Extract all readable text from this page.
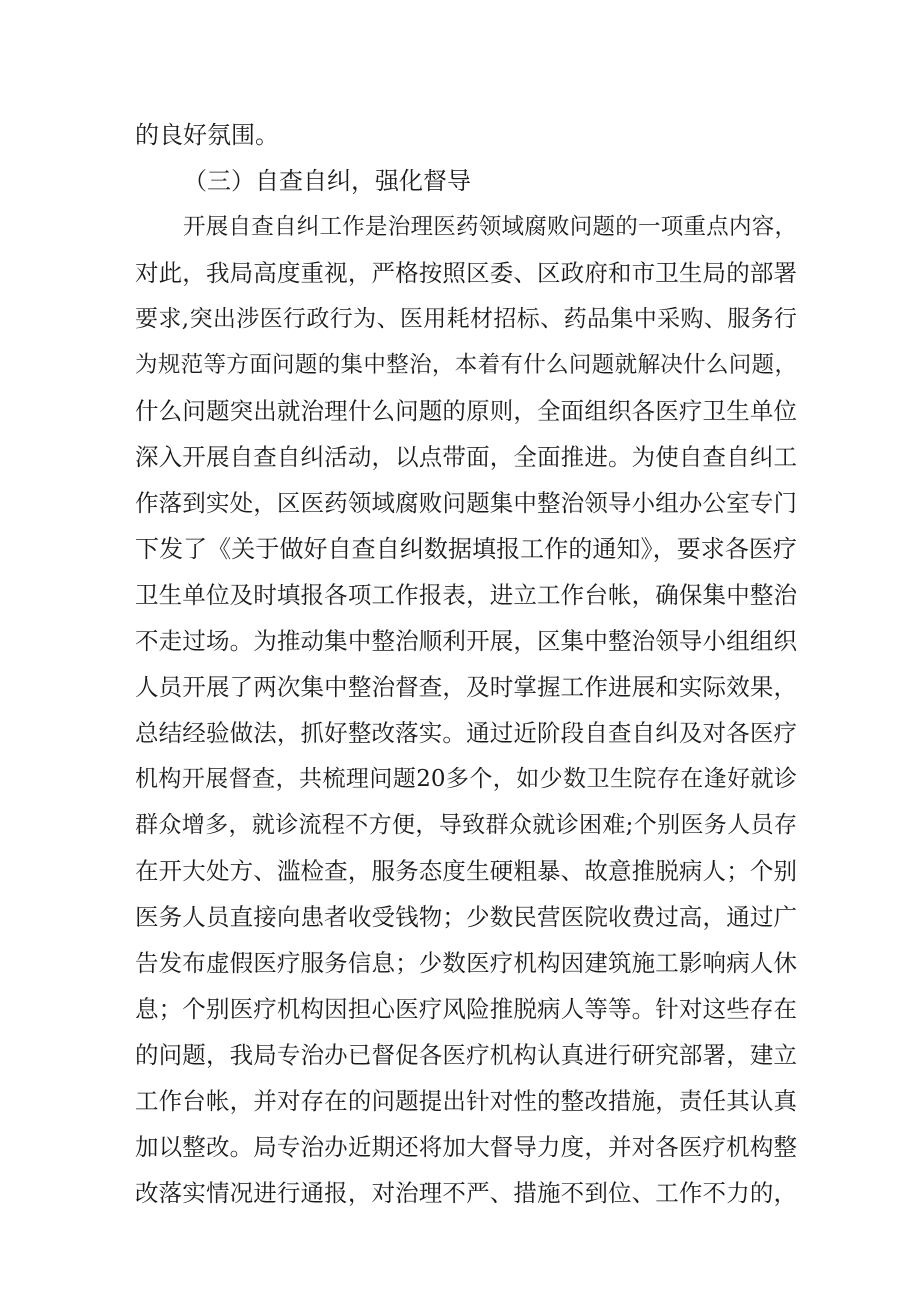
的良好氛围。
（三）自查自纠，强化督导
开展自查自纠工作是治理医药领域腐败问题的一项重点内容，
对此，我局高度重视，严格按照区委、区政府和市卫生局的部署
要求,突出涉医行政行为、医用耗材招标、药品集中采购、服务行
为规范等方面问题的集中整治，本着有什么问题就解决什么问题，
什么问题突出就治理什么问题的原则，全面组织各医疗卫生单位
深入开展自查自纠活动，以点带面，全面推进。为使自查自纠工
作落到实处，区医药领域腐败问题集中整治领导小组办公室专门
下发了《关于做好自查自纠数据填报工作的通知》，要求各医疗
卫生单位及时填报各项工作报表，进立工作台帐，确保集中整治
不走过场。为推动集中整治顺利开展，区集中整治领导小组组织
人员开展了两次集中整治督查，及时掌握工作进展和实际效果，
总结经验做法，抓好整改落实。通过近阶段自查自纠及对各医疗
机构开展督查，共梳理问题20多个，如少数卫生院存在逢好就诊
群众增多，就诊流程不方便，导致群众就诊困难;个别医务人员存
在开大处方、滥检查，服务态度生硬粗暴、故意推脱病人；个别
医务人员直接向患者收受钱物；少数民营医院收费过高，通过广
告发布虚假医疗服务信息；少数医疗机构因建筑施工影响病人休
息；个别医疗机构因担心医疗风险推脱病人等等。针对这些存在
的问题，我局专治办已督促各医疗机构认真进行研究部署，建立
工作台帐，并对存在的问题提出针对性的整改措施，责任其认真
加以整改。局专治办近期还将加大督导力度，并对各医疗机构整
改落实情况进行通报，对治理不严、措施不到位、工作不力的，
